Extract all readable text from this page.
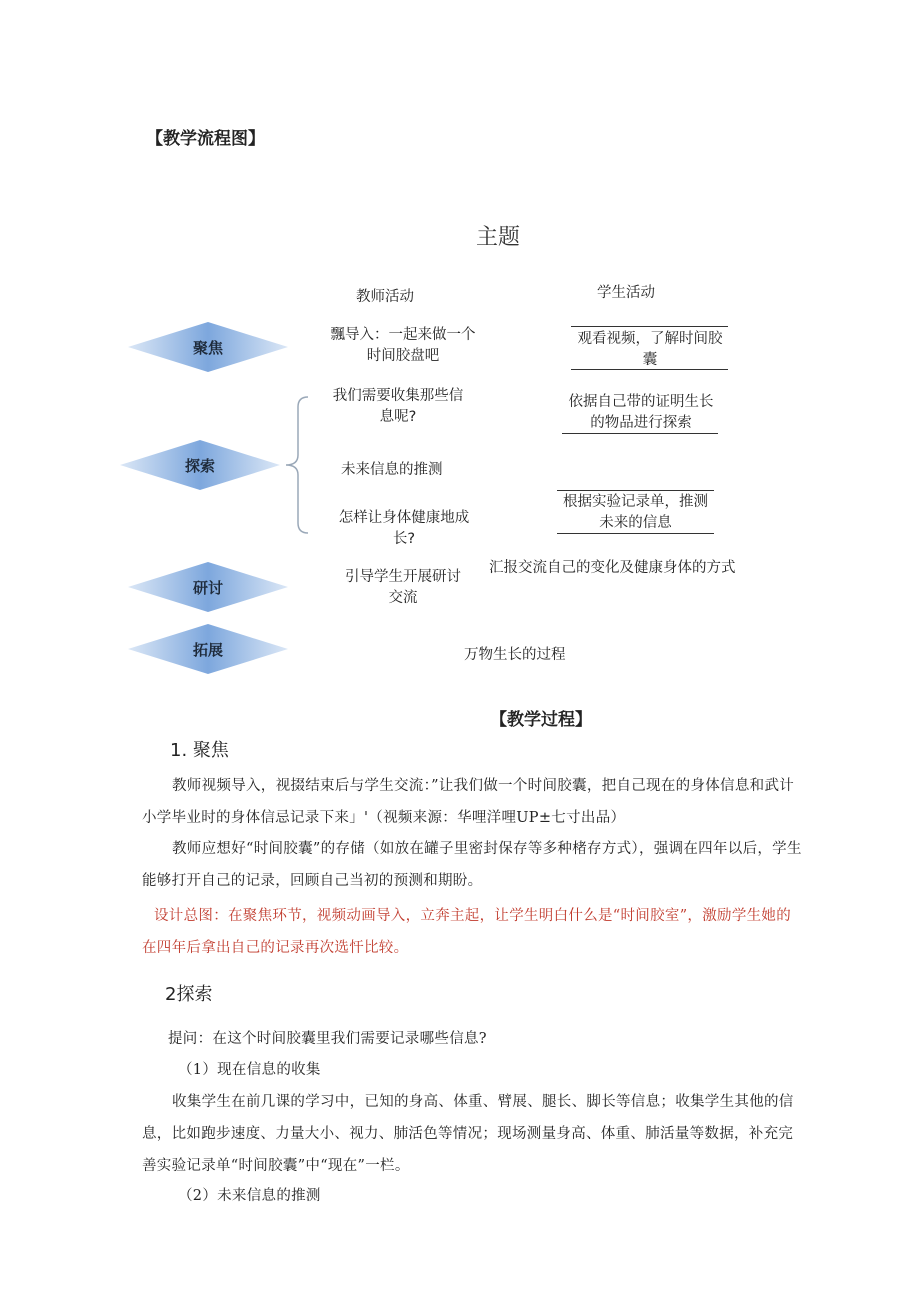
【教学流程图】
主题
教师活动	学生活动
聚焦
探索
研讨
拓展
飄导入：一起来做一个时间胶盘吧
我们需要收集那些信息呢?
未来信息的推测
怎样让身体健康地成长?
引导学生开展研讨交流
观看视频，了解时间胶囊
依据自己带的证明生长的物品进行探索
根据实验记录单，推测未来的信息
汇报交流自己的变化及健康身体的方式
万物生长的过程
【教学过程】
1. 聚焦
教师视频导入，视掇结束后与学生交流：”让我们做一个时间胶囊，把自己现在的身体信息和武计小学毕业时的身体信忌记录下来」'（视频来源：华哩洋哩UP±七寸出品）
教师应想好“时间胶囊”的存储（如放在罐子里密封保存等多种楮存方式），强调在四年以后，学生能够打开自己的记录，回顾自己当初的预测和期盼。
设计总图：在聚焦环节，视频动画导入，立奔主起，让学生明白什么是“时间胶室”，激励学生她的在四年后拿出自己的记录再次选忓比较。
2探索
提问：在这个时间胶囊里我们需要记录哪些信息?
（1）现在信息的收集
收集学生在前几课的学习中，已知的身高、体重、臂展、腿长、脚长等信息；收集学生其他的信息，比如跑步速度、力量大小、视力、肺活色等情况；现场测量身高、体重、肺活量等数据，补充完善实验记录单“时间胶囊”中“现在”一栏。
（2）未来信息的推测
